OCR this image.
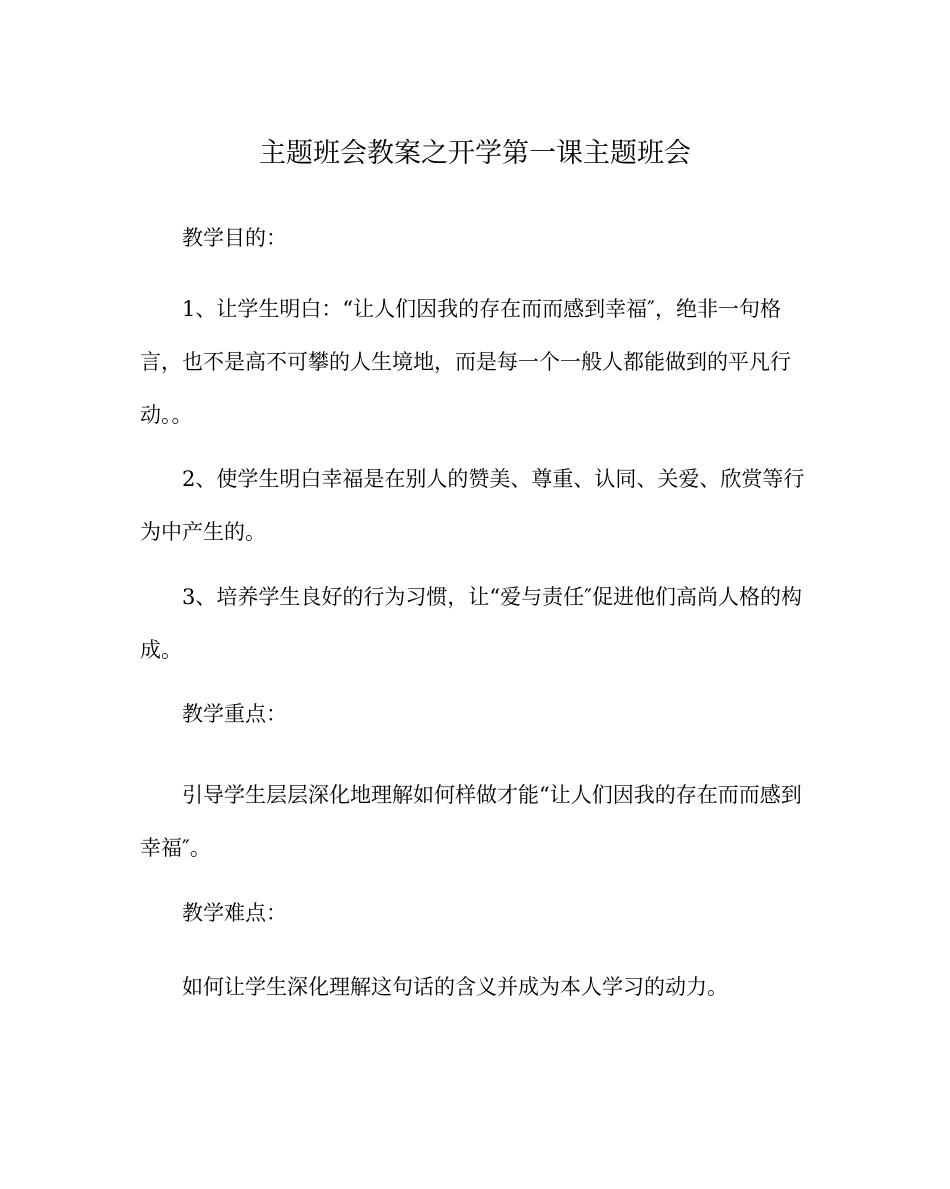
主题班会教案之开学第一课主题班会

教学目的：

1、让学生明白：“让人们因我的存在而而感到幸福″，绝非一句格言，也不是高不可攀的人生境地，而是每一个一般人都能做到的平凡行动。。

2、使学生明白幸福是在别人的赞美、尊重、认同、关爱、欣赏等行为中产生的。

3、培养学生良好的行为习惯，让“爱与责任″促进他们高尚人格的构成。

教学重点：

引导学生层层深化地理解如何样做才能“让人们因我的存在而而感到幸福″。

教学难点：

如何让学生深化理解这句话的含义并成为本人学习的动力。
